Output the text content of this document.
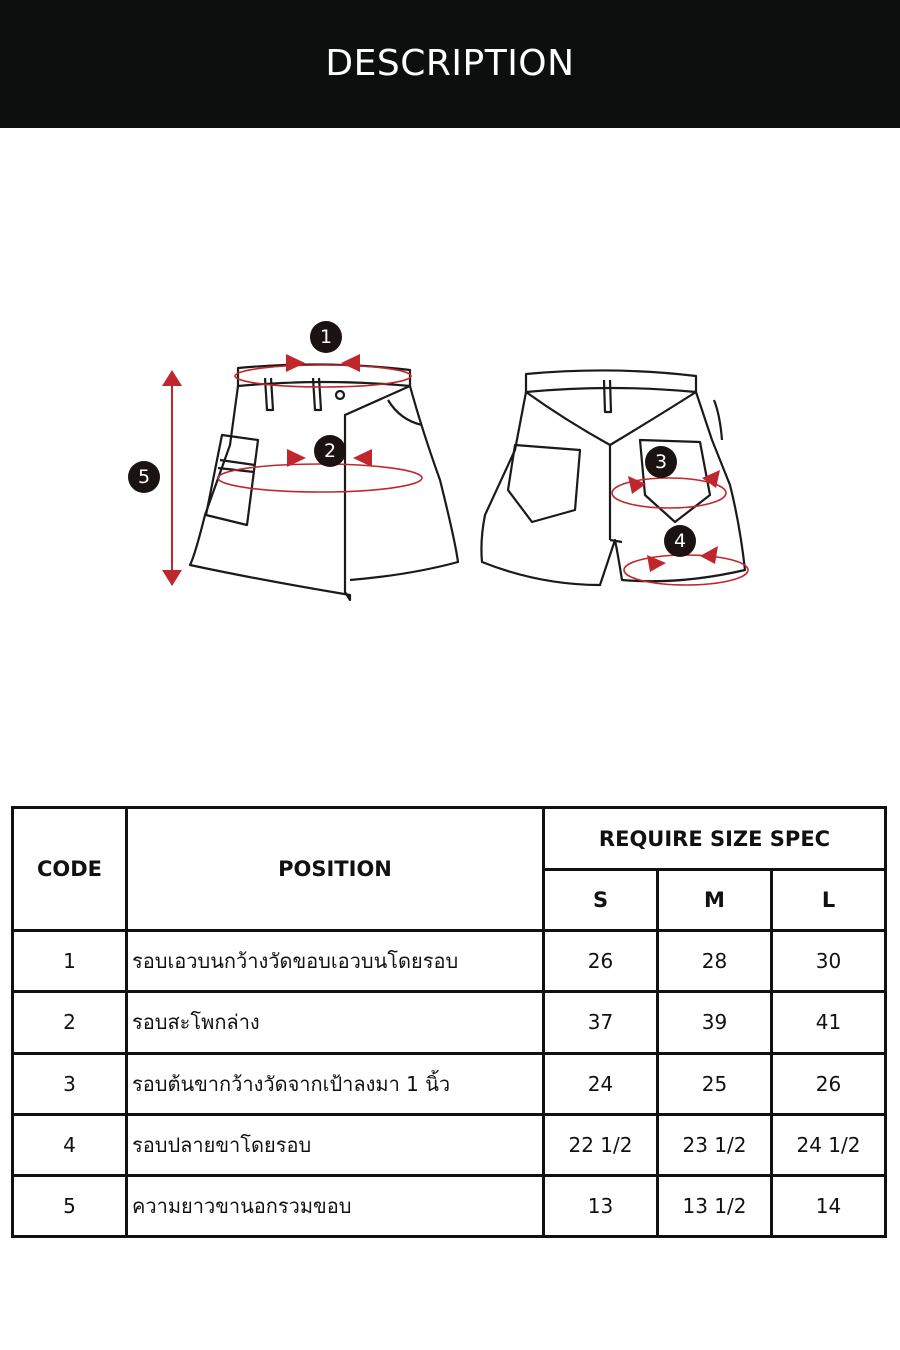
DESCRIPTION
1
2	3
4
5
CODE	POSITION	REQUIRE SIZE SPEC		
		S	M	L
1	รอบเอวบนกว้างวัดขอบเอวบนโดยรอบ	26	28	30
2	รอบสะโพกล่าง	37	39	41
3	รอบต้นขากว้างวัดจากเป้าลงมา 1 นิ้ว	24	25	26
4	รอบปลายขาโดยรอบ	22 1/2	23 1/2	24 1/2
5	ความยาวขานอกรวมขอบ	13	13 1/2	14
